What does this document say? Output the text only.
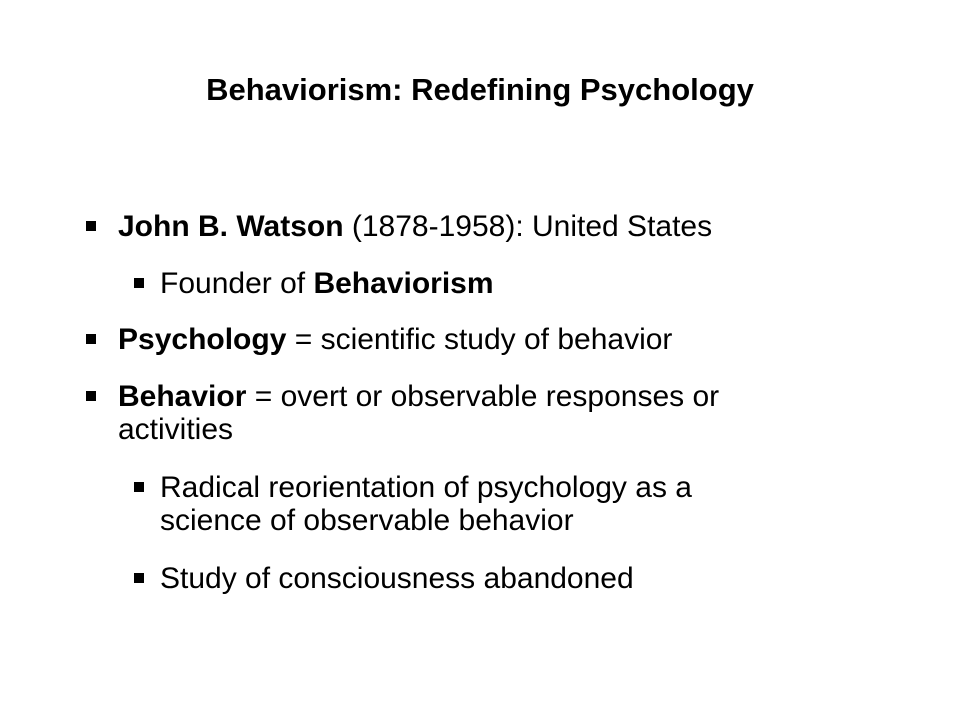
Behaviorism: Redefining Psychology
John B. Watson (1878-1958): United States
Founder of Behaviorism
Psychology = scientific study of behavior
Behavior = overt or observable responses or
activities
Radical reorientation of psychology as a
science of observable behavior
Study of consciousness abandoned
